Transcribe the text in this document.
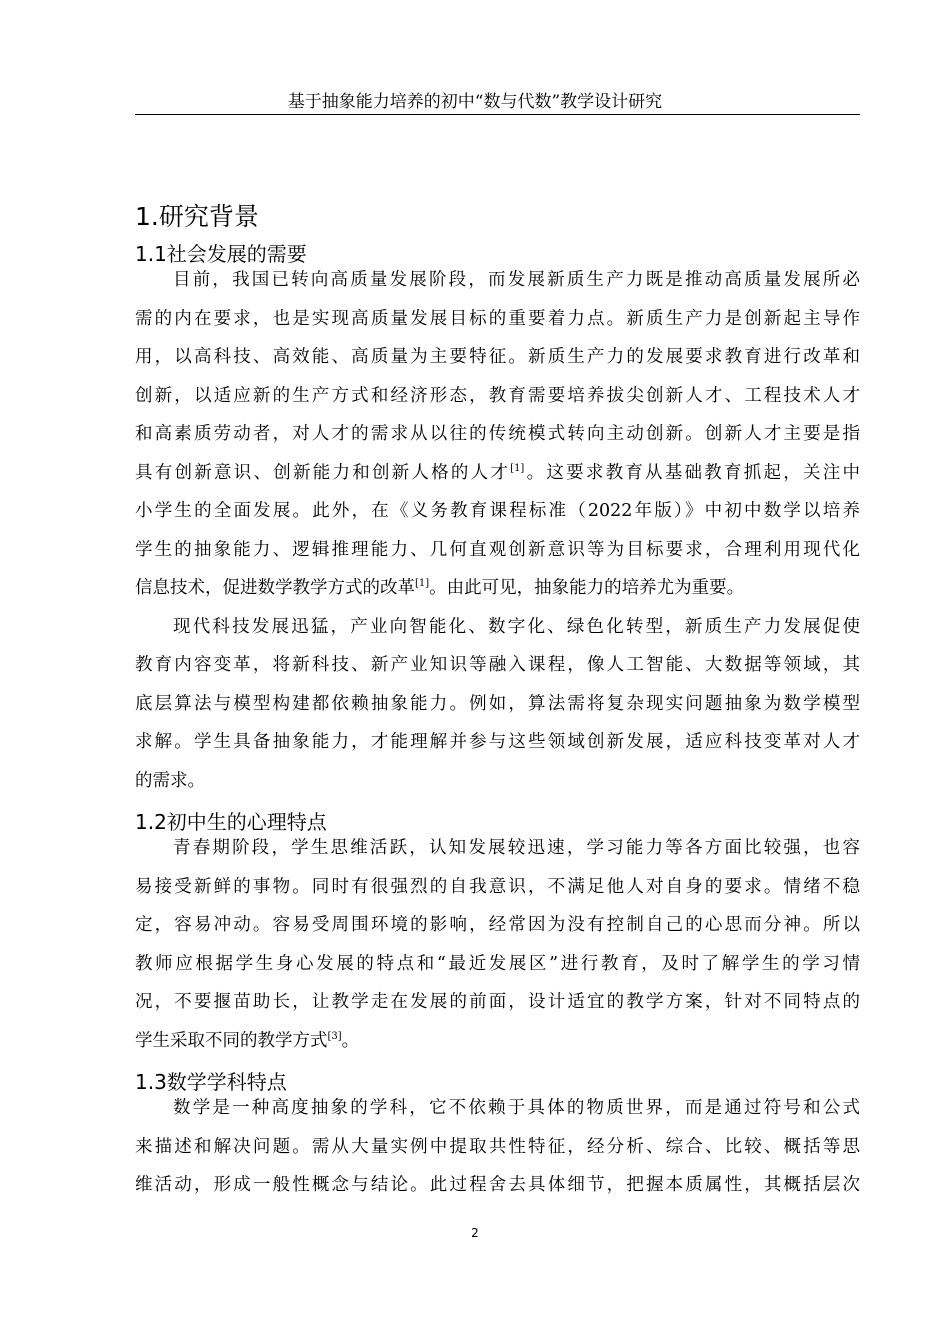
基于抽象能力培养的初中“数与代数”教学设计研究
1.研究背景
1.1社会发展的需要
目前，我国已转向高质量发展阶段，而发展新质生产力既是推动高质量发展所必
需的内在要求，也是实现高质量发展目标的重要着力点。新质生产力是创新起主导作
用，以高科技、高效能、高质量为主要特征。新质生产力的发展要求教育进行改革和
创新，以适应新的生产方式和经济形态，教育需要培养拔尖创新人才、工程技术人才
和高素质劳动者，对人才的需求从以往的传统模式转向主动创新。创新人才主要是指
具有创新意识、创新能力和创新人格的人才[1]。这要求教育从基础教育抓起，关注中
小学生的全面发展。此外，在《义务教育课程标准（2022年版）》中初中数学以培养
学生的抽象能力、逻辑推理能力、几何直观创新意识等为目标要求，合理利用现代化
信息技术，促进数学教学方式的改革[1]。由此可见，抽象能力的培养尤为重要。
现代科技发展迅猛，产业向智能化、数字化、绿色化转型，新质生产力发展促使
教育内容变革，将新科技、新产业知识等融入课程，像人工智能、大数据等领域，其
底层算法与模型构建都依赖抽象能力。例如，算法需将复杂现实问题抽象为数学模型
求解。学生具备抽象能力，才能理解并参与这些领域创新发展，适应科技变革对人才
的需求。
1.2初中生的心理特点
青春期阶段，学生思维活跃，认知发展较迅速，学习能力等各方面比较强，也容
易接受新鲜的事物。同时有很强烈的自我意识，不满足他人对自身的要求。情绪不稳
定，容易冲动。容易受周围环境的影响，经常因为没有控制自己的心思而分神。所以
教师应根据学生身心发展的特点和“最近发展区”进行教育，及时了解学生的学习情
况，不要揠苗助长，让教学走在发展的前面，设计适宜的教学方案，针对不同特点的
学生采取不同的教学方式[3]。
1.3数学学科特点
数学是一种高度抽象的学科，它不依赖于具体的物质世界，而是通过符号和公式
来描述和解决问题。需从大量实例中提取共性特征，经分析、综合、比较、概括等思
维活动，形成一般性概念与结论。此过程舍去具体细节，把握本质属性，其概括层次
2
